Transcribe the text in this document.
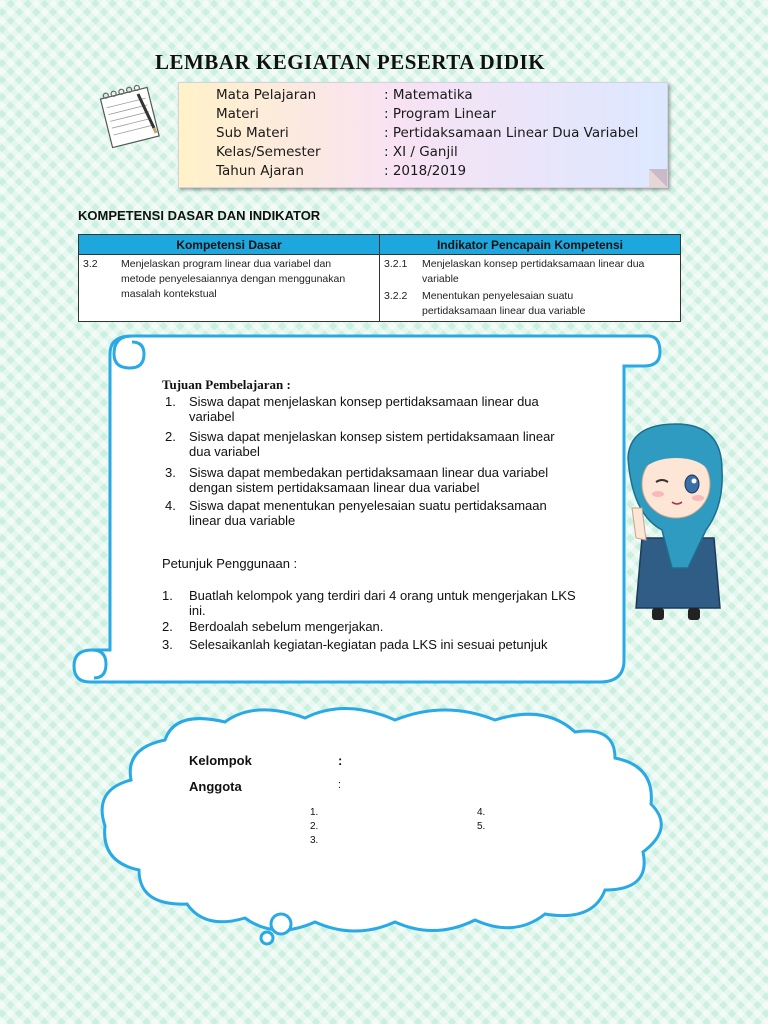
LEMBAR KEGIATAN PESERTA DIDIK
Mata Pelajaran	: Matematika
Materi	: Program Linear
Sub Materi	: Pertidaksamaan Linear Dua Variabel
Kelas/Semester	: XI / Ganjil
Tahun Ajaran	: 2018/2019
KOMPETENSI DASAR DAN INDIKATOR
Kompetensi Dasar	Indikator Pencapain Kompetensi
3.2 Menjelaskan program linear dua variabel dan metode penyelesaiannya dengan menggunakan masalah kontekstual	3.2.1 Menjelaskan konsep pertidaksamaan linear dua variable
3.2.2 Menentukan penyelesaian suatu pertidaksamaan linear dua variable
Tujuan Pembelajaran :
1. Siswa dapat menjelaskan konsep pertidaksamaan linear dua variabel
2. Siswa dapat menjelaskan konsep sistem pertidaksamaan linear dua variabel
3. Siswa dapat membedakan pertidaksamaan linear dua variabel dengan sistem pertidaksamaan linear dua variabel
4. Siswa dapat menentukan penyelesaian suatu pertidaksamaan linear dua variable
Petunjuk Penggunaan :
1. Buatlah kelompok yang terdiri dari 4 orang untuk mengerjakan LKS ini.
2. Berdoalah sebelum mengerjakan.
3. Selesaikanlah kegiatan-kegiatan pada LKS ini sesuai petunjuk
Kelompok	:
Anggota	:
1.
2.
3.
4.
5.
